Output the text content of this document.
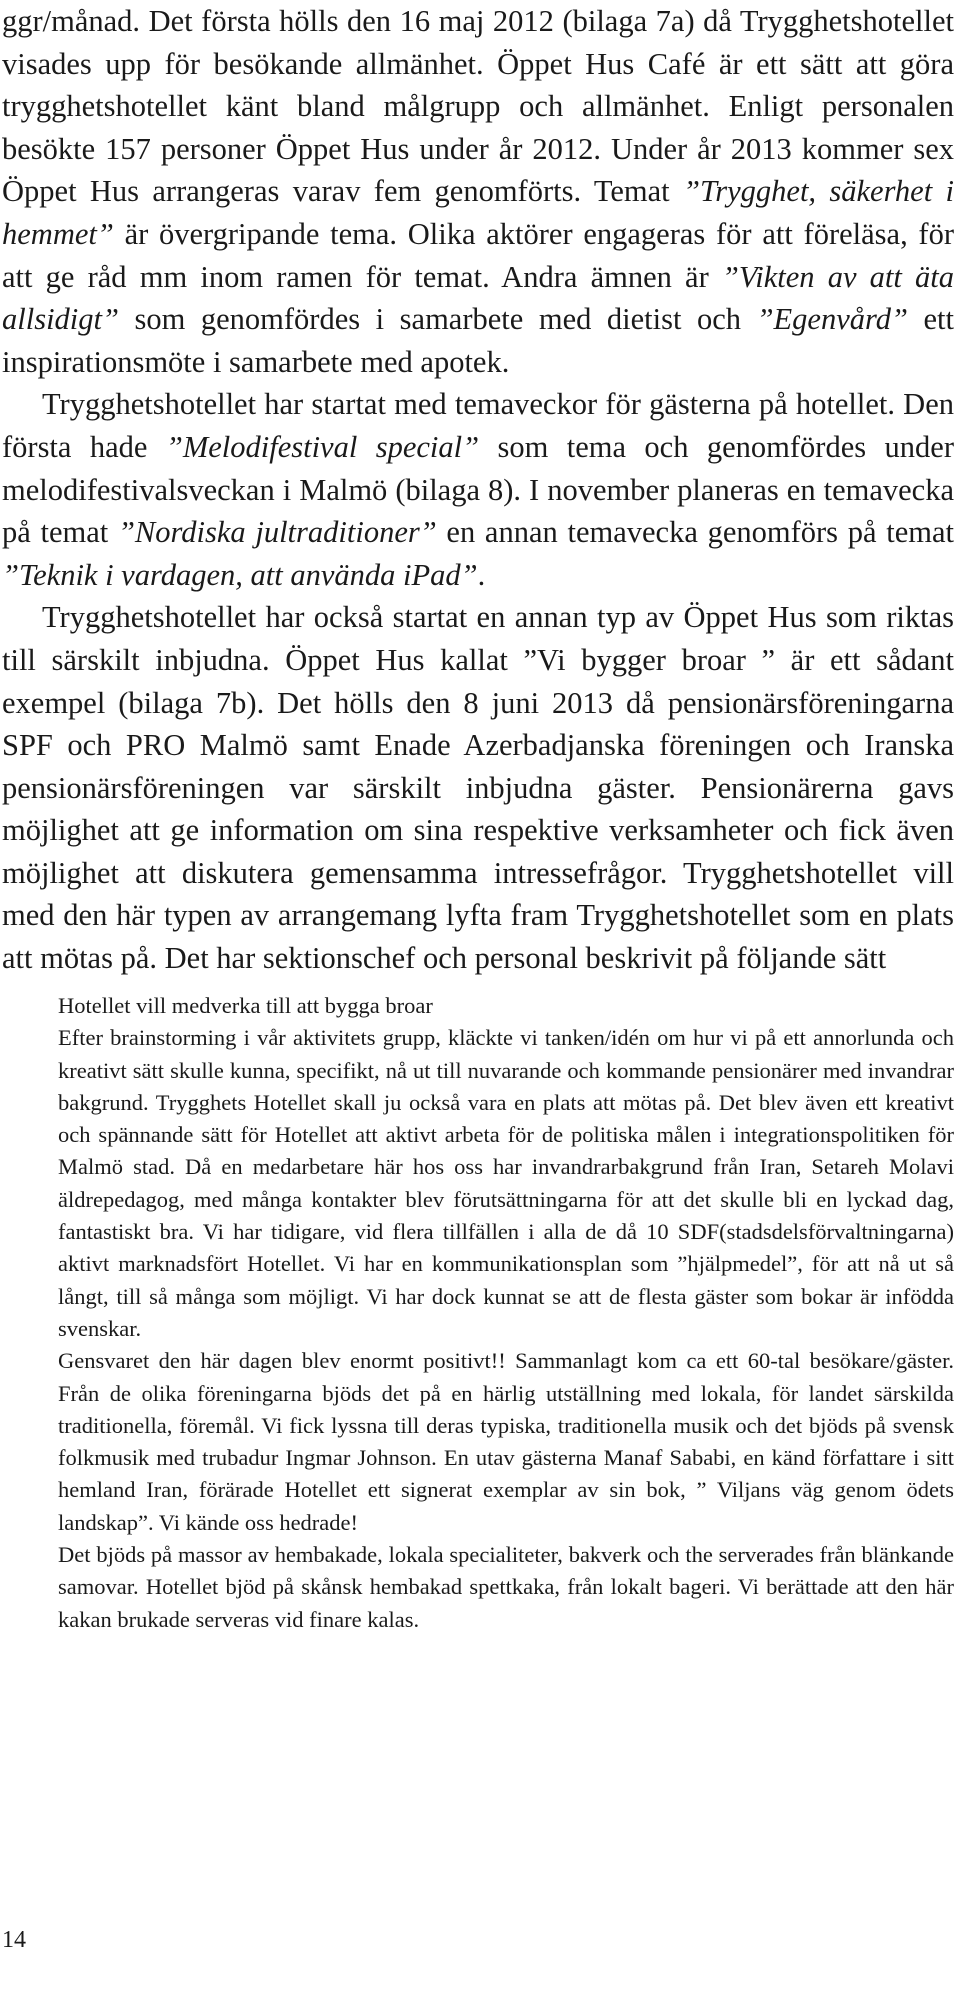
ggr/månad. Det första hölls den 16 maj 2012 (bilaga 7a) då Trygghetshotellet visades upp för besökande allmänhet. Öppet Hus Café är ett sätt att göra trygghetshotellet känt bland målgrupp och allmänhet. Enligt personalen besökte 157 personer Öppet Hus under år 2012. Under år 2013 kommer sex Öppet Hus arrangeras varav fem genomförts. Temat ”Trygghet, säkerhet i hemmet” är övergripande tema. Olika aktörer engageras för att föreläsa, för att ge råd mm inom ramen för temat. Andra ämnen är ”Vikten av att äta allsidigt” som genomfördes i samarbete med dietist och ”Egenvård” ett inspirationsmöte i samarbete med apotek.

Trygghetshotellet har startat med temaveckor för gästerna på hotellet. Den första hade ”Melodifestival special” som tema och genomfördes under melodifestivalsveckan i Malmö (bilaga 8). I november planeras en temavecka på temat ”Nordiska jultraditioner” en annan temavecka genomförs på temat ”Teknik i vardagen, att använda iPad”.

Trygghetshotellet har också startat en annan typ av Öppet Hus som riktas till särskilt inbjudna. Öppet Hus kallat ”Vi bygger broar ” är ett sådant exempel (bilaga 7b). Det hölls den 8 juni 2013 då pensionärsföreningarna SPF och PRO Malmö samt Enade Azerbadjanska föreningen och Iranska pensionärsföreningen var särskilt inbjudna gäster. Pensionärerna gavs möjlighet att ge information om sina respektive verksamheter och fick även möjlighet att diskutera gemensamma intressefrågor. Trygghetshotellet vill med den här typen av arrangemang lyfta fram Trygghetshotellet som en plats att mötas på. Det har sektionschef och personal beskrivit på följande sätt

Hotellet vill medverka till att bygga broar

Efter brainstorming i vår aktivitets grupp, kläckte vi tanken/idén om hur vi på ett annorlunda och kreativt sätt skulle kunna, specifikt, nå ut till nuvarande och kommande pensionärer med invandrar bakgrund. Trygghets Hotellet skall ju också vara en plats att mötas på. Det blev även ett kreativt och spännande sätt för Hotellet att aktivt arbeta för de politiska målen i integrationspolitiken för Malmö stad. Då en medarbetare här hos oss har invandrarbakgrund från Iran, Setareh Molavi äldrepedagog, med många kontakter blev förutsättningarna för att det skulle bli en lyckad dag, fantastiskt bra. Vi har tidigare, vid flera tillfällen i alla de då 10 SDF(stadsdelsförvaltningarna) aktivt marknadsfört Hotellet. Vi har en kommunikationsplan som ”hjälpmedel”, för att nå ut så långt, till så många som möjligt. Vi har dock kunnat se att de flesta gäster som bokar är infödda svenskar.

Gensvaret den här dagen blev enormt positivt!! Sammanlagt kom ca ett 60-tal besökare/gäster. Från de olika föreningarna bjöds det på en härlig utställning med lokala, för landet särskilda traditionella, föremål. Vi fick lyssna till deras typiska, traditionella musik och det bjöds på svensk folkmusik med trubadur Ingmar Johnson. En utav gästerna Manaf Sababi, en känd författare i sitt hemland Iran, förärade Hotellet ett signerat exemplar av sin bok, ” Viljans väg genom ödets landskap”. Vi kände oss hedrade!

Det bjöds på massor av hembakade, lokala specialiteter, bakverk och the serverades från blänkande samovar. Hotellet bjöd på skånsk hembakad spettkaka, från lokalt bageri. Vi berättade att den här kakan brukade serveras vid finare kalas.

14
